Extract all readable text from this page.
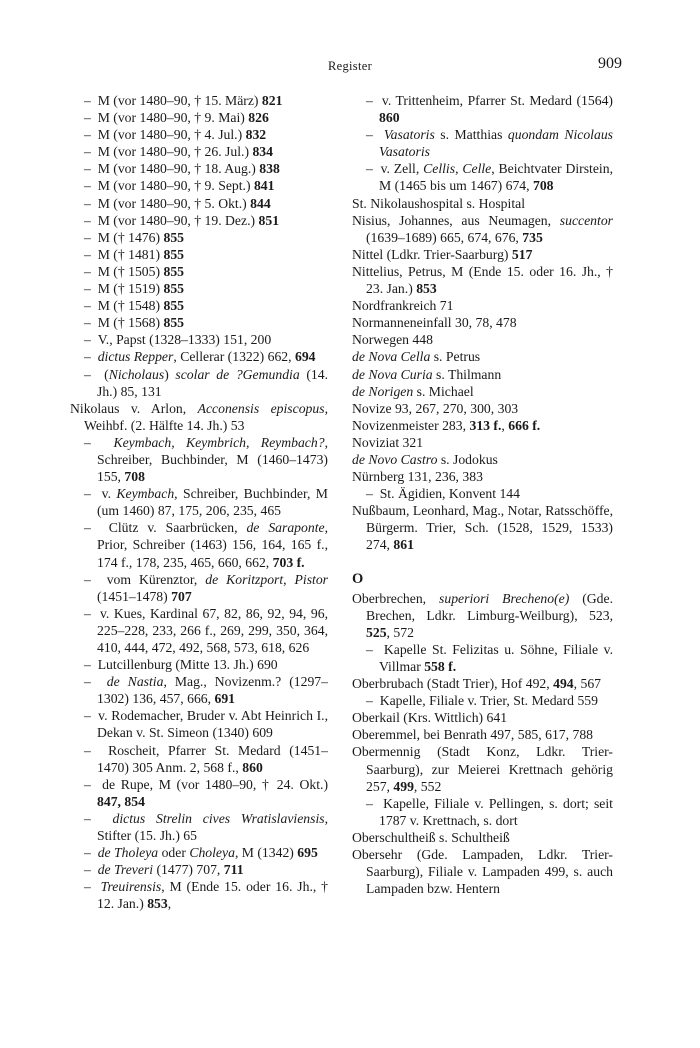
Register	909
–  M (vor 1480–90, † 15. März) 821
–  M (vor 1480–90, † 9. Mai) 826
–  M (vor 1480–90, † 4. Jul.) 832
–  M (vor 1480–90, † 26. Jul.) 834
–  M (vor 1480–90, † 18. Aug.) 838
–  M (vor 1480–90, † 9. Sept.) 841
–  M (vor 1480–90, † 5. Okt.) 844
–  M (vor 1480–90, † 19. Dez.) 851
–  M († 1476) 855
–  M († 1481) 855
–  M († 1505) 855
–  M († 1519) 855
–  M († 1548) 855
–  M († 1568) 855
–  V., Papst (1328–1333) 151, 200
–  dictus Repper, Cellerar (1322) 662, 694
–  (Nicholaus) scolar de ?Gemundia (14. Jh.) 85, 131
Nikolaus v. Arlon, Acconensis episcopus, Weihbf. (2. Hälfte 14. Jh.) 53
–  Keymbach, Keymbrich, Reymbach?, Schreiber, Buchbinder, M (1460–1473) 155, 708
–  v. Keymbach, Schreiber, Buchbinder, M (um 1460) 87, 175, 206, 235, 465
–  Clütz v. Saarbrücken, de Saraponte, Prior, Schreiber (1463) 156, 164, 165 f., 174 f., 178, 235, 465, 660, 662, 703 f.
–  vom Kürenztor, de Koritzport, Pistor (1451–1478) 707
–  v. Kues, Kardinal 67, 82, 86, 92, 94, 96, 225–228, 233, 266 f., 269, 299, 350, 364, 410, 444, 472, 492, 568, 573, 618, 626
–  Lutcillenburg (Mitte 13. Jh.) 690
–  de Nastia, Mag., Novizenm.? (1297–1302) 136, 457, 666, 691
–  v. Rodemacher, Bruder v. Abt Heinrich I., Dekan v. St. Simeon (1340) 609
–  Roscheit, Pfarrer St. Medard (1451–1470) 305 Anm. 2, 568 f., 860
–  de Rupe, M (vor 1480–90, † 24. Okt.) 847, 854
–  dictus Strelin cives Wratislaviensis, Stifter (15. Jh.) 65
–  de Tholeya oder Choleya, M (1342) 695
–  de Treveri (1477) 707, 711
–  Treuirensis, M (Ende 15. oder 16. Jh., † 12. Jan.) 853,
–  v. Trittenheim, Pfarrer St. Medard (1564) 860
–  Vasatoris s. Matthias quondam Nicolaus Vasatoris
–  v. Zell, Cellis, Celle, Beichtvater Dirstein, M (1465 bis um 1467) 674, 708
St. Nikolaushospital s. Hospital
Nisius, Johannes, aus Neumagen, succentor (1639–1689) 665, 674, 676, 735
Nittel (Ldkr. Trier-Saarburg) 517
Nittelius, Petrus, M (Ende 15. oder 16. Jh., † 23. Jan.) 853
Nordfrankreich 71
Normanneneinfall 30, 78, 478
Norwegen 448
de Nova Cella s. Petrus
de Nova Curia s. Thilmann
de Norigen s. Michael
Novize 93, 267, 270, 300, 303
Novizenmeister 283, 313 f., 666 f.
Noviziat 321
de Novo Castro s. Jodokus
Nürnberg 131, 236, 383
–  St. Ägidien, Konvent 144
Nußbaum, Leonhard, Mag., Notar, Ratsschöffe, Bürgerm. Trier, Sch. (1528, 1529, 1533) 274, 861
O
Oberbrechen, superiori Brecheno(e) (Gde. Brechen, Ldkr. Limburg-Weilburg), 523, 525, 572
–  Kapelle St. Felizitas u. Söhne, Filiale v. Villmar 558 f.
Oberbrubach (Stadt Trier), Hof 492, 494, 567
–  Kapelle, Filiale v. Trier, St. Medard 559
Oberkail (Krs. Wittlich) 641
Oberemmel, bei Benrath 497, 585, 617, 788
Obermennig (Stadt Konz, Ldkr. Trier-Saarburg), zur Meierei Krettnach gehörig 257, 499, 552
–  Kapelle, Filiale v. Pellingen, s. dort; seit 1787 v. Krettnach, s. dort
Oberschultheiß s. Schultheiß
Obersehr (Gde. Lampaden, Ldkr. Trier-Saarburg), Filiale v. Lampaden 499, s. auch Lampaden bzw. Hentern
